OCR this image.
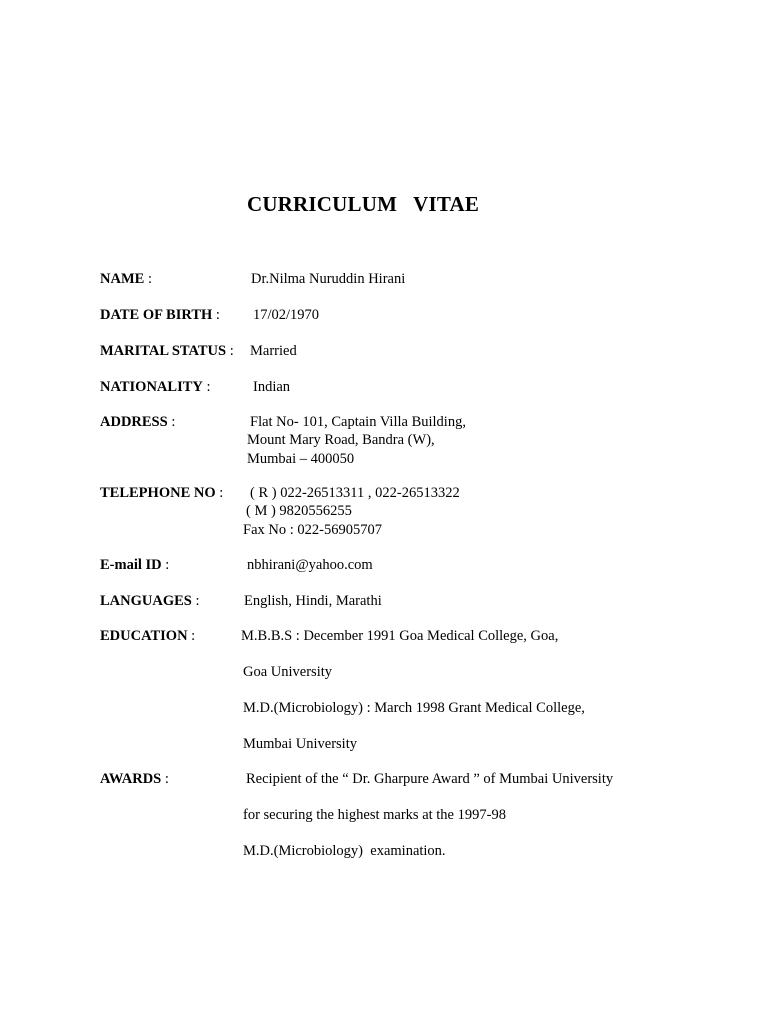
CURRICULUM   VITAE
NAME :	Dr.Nilma Nuruddin Hirani
DATE OF BIRTH : 17/02/1970
MARITAL STATUS : Married
NATIONALITY :	Indian
ADDRESS :	Flat No- 101, Captain Villa Building,
Mount Mary Road, Bandra (W),
Mumbai – 400050
TELEPHONE NO : ( R ) 022-26513311 , 022-26513322
( M ) 9820556255
Fax No : 022-56905707
E-mail ID :	nbhirani@yahoo.com
LANGUAGES :	English, Hindi, Marathi
EDUCATION :	M.B.B.S : December 1991 Goa Medical College, Goa,
Goa University
M.D.(Microbiology) : March 1998 Grant Medical College,
Mumbai University
AWARDS :	Recipient of the “ Dr. Gharpure Award ” of Mumbai University
for securing the highest marks at the 1997-98
M.D.(Microbiology)  examination.
